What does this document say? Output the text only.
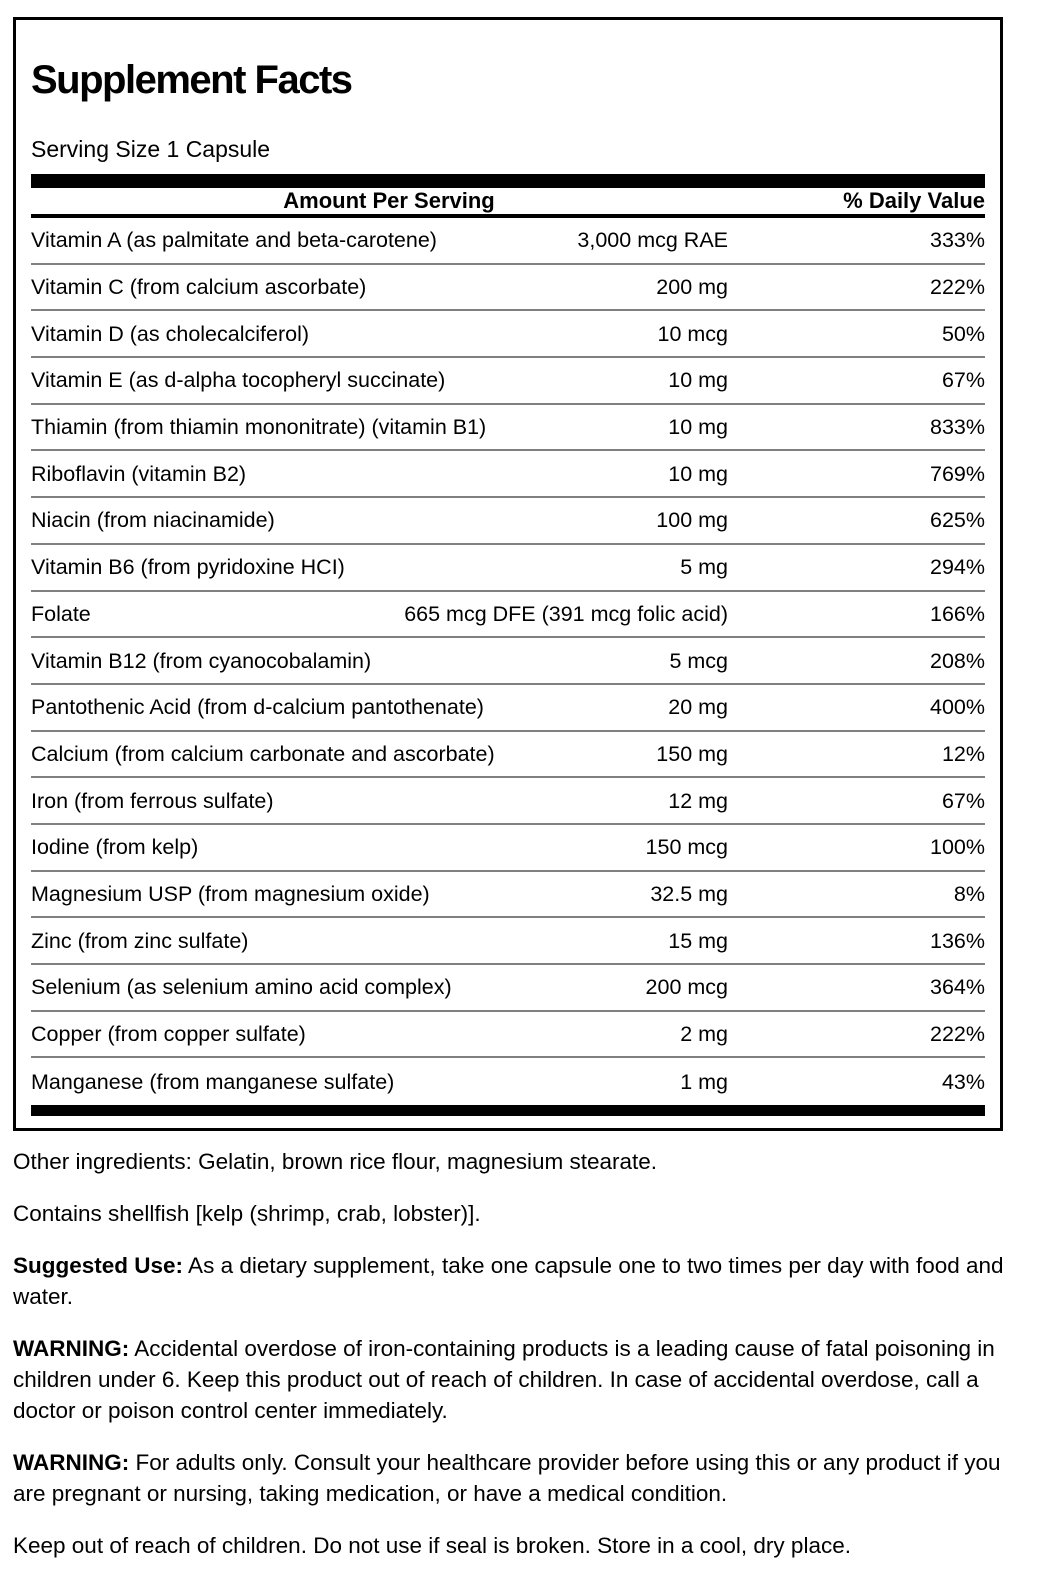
Supplement Facts
Serving Size 1 Capsule
Amount Per Serving	% Daily Value
Vitamin A (as palmitate and beta-carotene)	3,000 mcg RAE	333%
Vitamin C (from calcium ascorbate)	200 mg	222%
Vitamin D (as cholecalciferol)	10 mcg	50%
Vitamin E (as d-alpha tocopheryl succinate)	10 mg	67%
Thiamin (from thiamin mononitrate) (vitamin B1)	10 mg	833%
Riboflavin (vitamin B2)	10 mg	769%
Niacin (from niacinamide)	100 mg	625%
Vitamin B6 (from pyridoxine HCI)	5 mg	294%
Folate	665 mcg DFE (391 mcg folic acid)	166%
Vitamin B12 (from cyanocobalamin)	5 mcg	208%
Pantothenic Acid (from d-calcium pantothenate)	20 mg	400%
Calcium (from calcium carbonate and ascorbate)	150 mg	12%
Iron (from ferrous sulfate)	12 mg	67%
Iodine (from kelp)	150 mcg	100%
Magnesium USP (from magnesium oxide)	32.5 mg	8%
Zinc (from zinc sulfate)	15 mg	136%
Selenium (as selenium amino acid complex)	200 mcg	364%
Copper (from copper sulfate)	2 mg	222%
Manganese (from manganese sulfate)	1 mg	43%

Other ingredients: Gelatin, brown rice flour, magnesium stearate.

Contains shellfish [kelp (shrimp, crab, lobster)].

Suggested Use: As a dietary supplement, take one capsule one to two times per day with food and water.

WARNING: Accidental overdose of iron-containing products is a leading cause of fatal poisoning in children under 6. Keep this product out of reach of children. In case of accidental overdose, call a doctor or poison control center immediately.

WARNING: For adults only. Consult your healthcare provider before using this or any product if you are pregnant or nursing, taking medication, or have a medical condition.

Keep out of reach of children. Do not use if seal is broken. Store in a cool, dry place.
